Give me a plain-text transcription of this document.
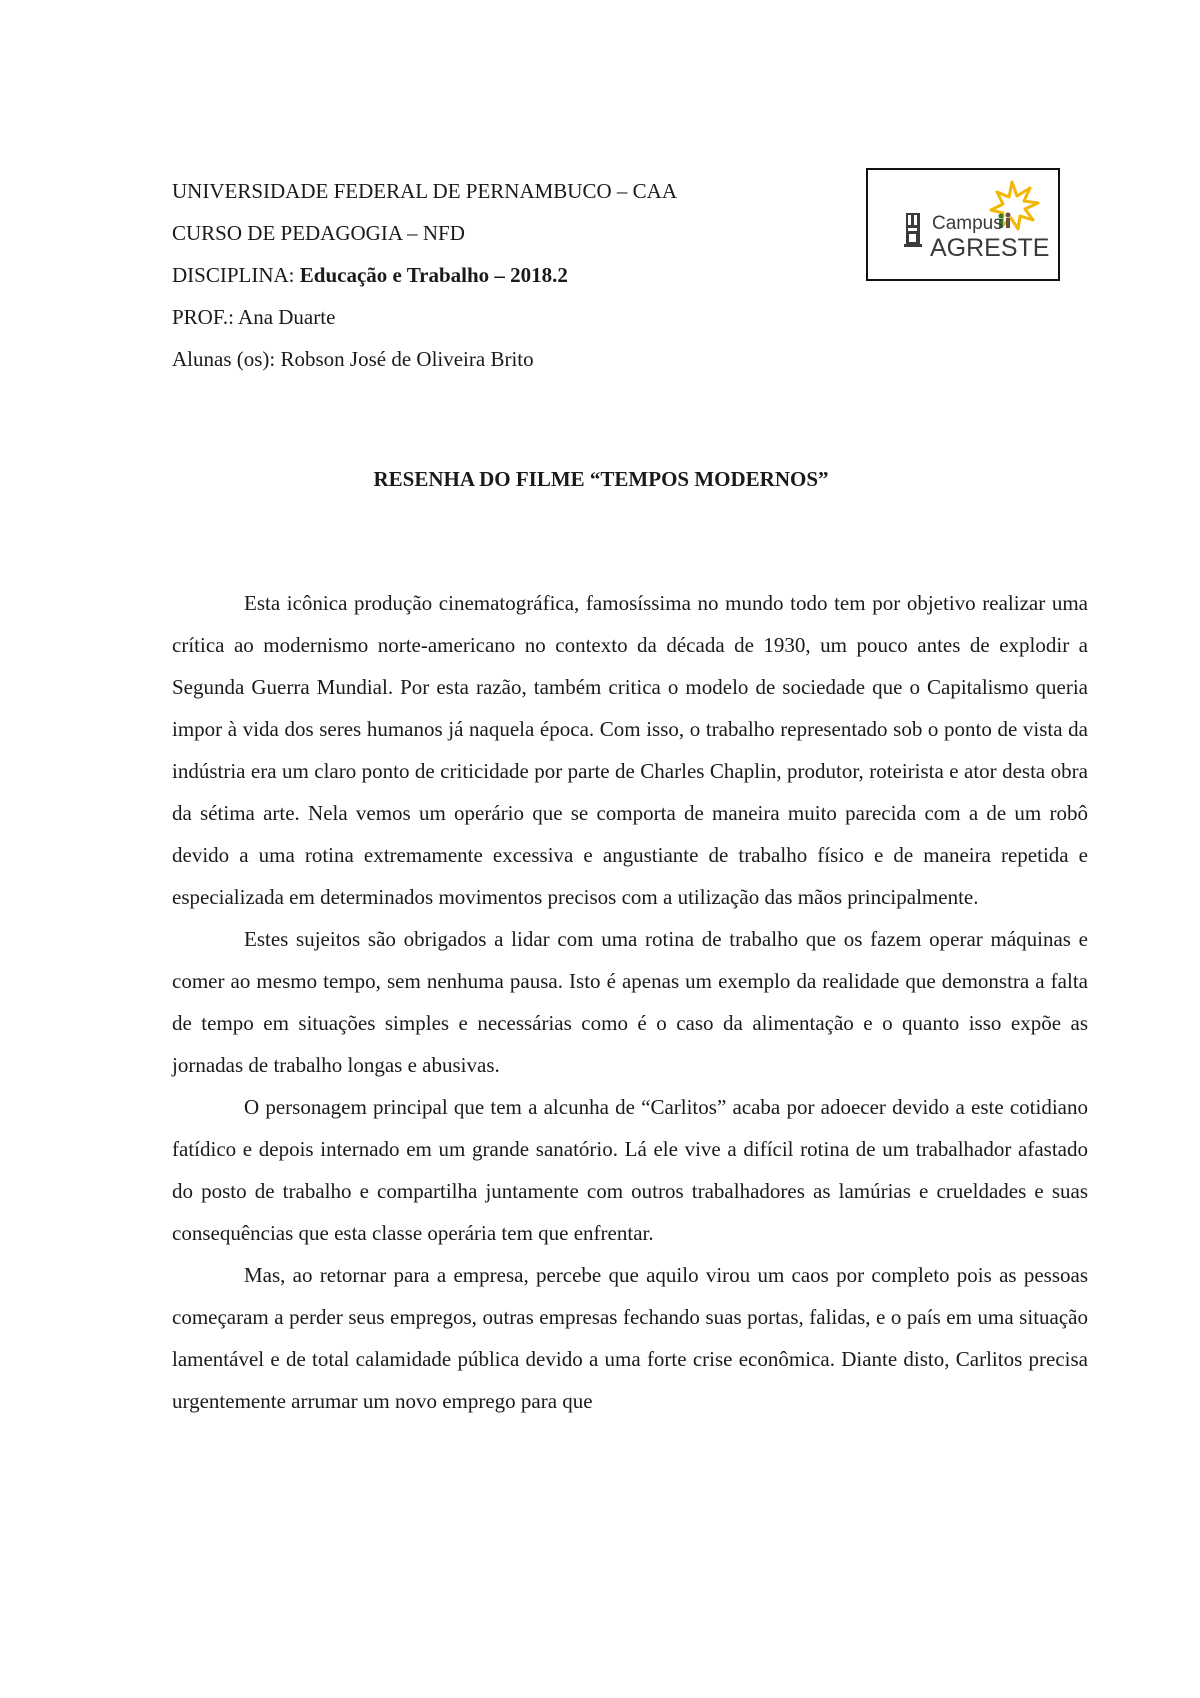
UNIVERSIDADE FEDERAL DE PERNAMBUCO – CAA
CURSO DE PEDAGOGIA – NFD
DISCIPLINA: Educação e Trabalho – 2018.2
PROF.: Ana Duarte
Alunas (os): Robson José de Oliveira Brito
Campus
AGRESTE
RESENHA DO FILME “TEMPOS MODERNOS”

Esta icônica produção cinematográfica, famosíssima no mundo todo tem por objetivo realizar uma crítica ao modernismo norte-americano no contexto da década de 1930, um pouco antes de explodir a Segunda Guerra Mundial. Por esta razão, também critica o modelo de sociedade que o Capitalismo queria impor à vida dos seres humanos já naquela época. Com isso, o trabalho representado sob o ponto de vista da indústria era um claro ponto de criticidade por parte de Charles Chaplin, produtor, roteirista e ator desta obra da sétima arte. Nela vemos um operário que se comporta de maneira muito parecida com a de um robô devido a uma rotina extremamente excessiva e angustiante de trabalho físico e de maneira repetida e especializada em determinados movimentos precisos com a utilização das mãos principalmente.

Estes sujeitos são obrigados a lidar com uma rotina de trabalho que os fazem operar máquinas e comer ao mesmo tempo, sem nenhuma pausa. Isto é apenas um exemplo da realidade que demonstra a falta de tempo em situações simples e necessárias como é o caso da alimentação e o quanto isso expõe as jornadas de trabalho longas e abusivas.

O personagem principal que tem a alcunha de “Carlitos” acaba por adoecer devido a este cotidiano fatídico e depois internado em um grande sanatório. Lá ele vive a difícil rotina de um trabalhador afastado do posto de trabalho e compartilha juntamente com outros trabalhadores as lamúrias e crueldades e suas consequências que esta classe operária tem que enfrentar.

Mas, ao retornar para a empresa, percebe que aquilo virou um caos por completo pois as pessoas começaram a perder seus empregos, outras empresas fechando suas portas, falidas, e o país em uma situação lamentável e de total calamidade pública devido a uma forte crise econômica. Diante disto, Carlitos precisa urgentemente arrumar um novo emprego para que
